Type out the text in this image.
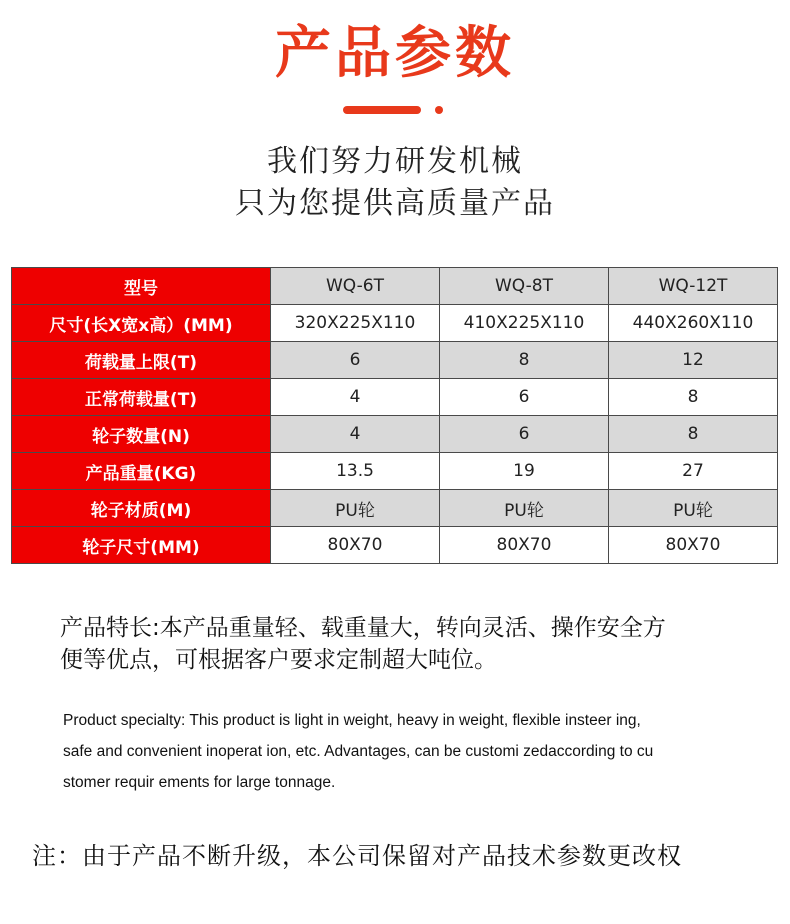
产品参数
我们努力研发机械
只为您提供高质量产品
型号	WQ-6T	WQ-8T	WQ-12T
尺寸(长X宽x高）(MM)	320X225X110	410X225X110	440X260X110
荷载量上限(T)	6	8	12
正常荷载量(T)	4	6	8
轮子数量(N)	4	6	8
产品重量(KG)	13.5	19	27
轮子材质(M)	PU轮	PU轮	PU轮
轮子尺寸(MM)	80X70	80X70	80X70
产品特长:本产品重量轻、载重量大，转向灵活、操作安全方
便等优点，可根据客户要求定制超大吨位。
Product specialty: This product is light in weight, heavy in weight, flexible insteer ing,
safe and convenient inoperat ion, etc. Advantages, can be customi zedaccording to cu
stomer requir ements for large tonnage.
注：由于产品不断升级，本公司保留对产品技术参数更改权
